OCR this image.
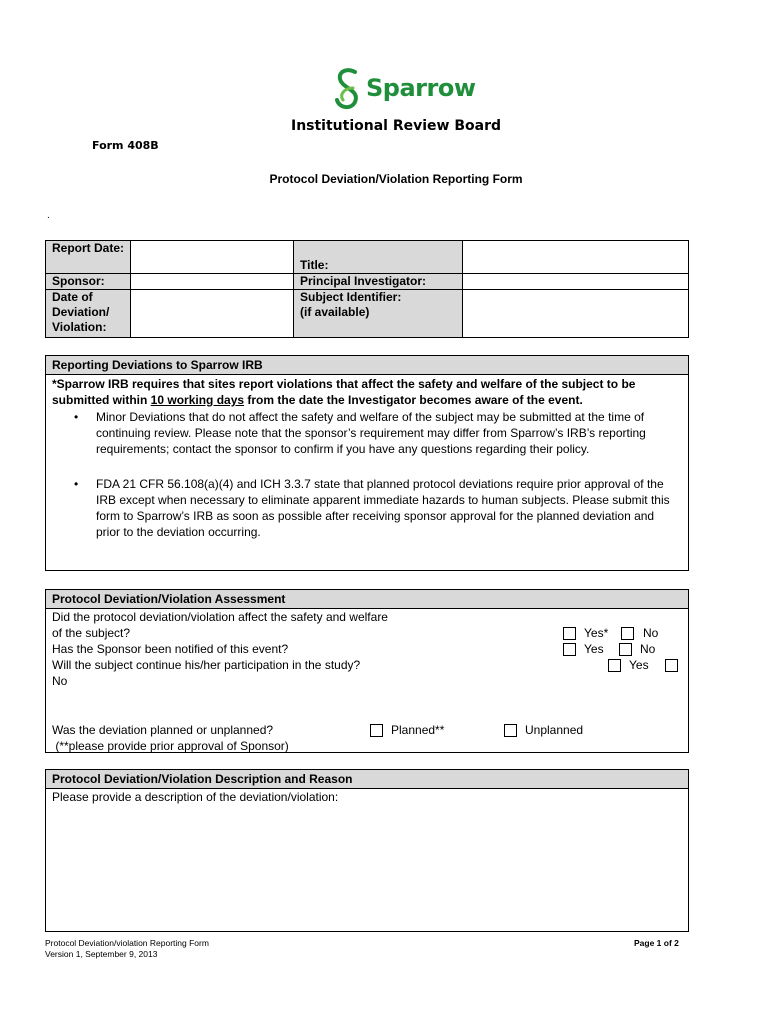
Sparrow
Institutional Review Board
Form 408B
Protocol Deviation/Violation Reporting Form
.
Report Date:		Title:	
Sponsor:		Principal Investigator:	
Date of Deviation/ Violation:		Subject Identifier:
(if available)	
Reporting Deviations to Sparrow IRB
*Sparrow IRB requires that sites report violations that affect the safety and welfare of the subject to be submitted within 10 working days from the date the Investigator becomes aware of the event.
• Minor Deviations that do not affect the safety and welfare of the subject may be submitted at the time of continuing review. Please note that the sponsor’s requirement may differ from Sparrow’s IRB’s reporting requirements; contact the sponsor to confirm if you have any questions regarding their policy.
• FDA 21 CFR 56.108(a)(4) and ICH 3.3.7 state that planned protocol deviations require prior approval of the IRB except when necessary to eliminate apparent immediate hazards to human subjects. Please submit this form to Sparrow’s IRB as soon as possible after receiving sponsor approval for the planned deviation and prior to the deviation occurring.
Protocol Deviation/Violation Assessment
Did the protocol deviation/violation affect the safety and welfare
of the subject?	Yes*	No
Has the Sponsor been notified of this event?	Yes	No
Will the subject continue his/her participation in the study?	Yes
No
Was the deviation planned or unplanned?	Planned**	Unplanned
(**please provide prior approval of Sponsor)
Protocol Deviation/Violation Description and Reason
Please provide a description of the deviation/violation:
Protocol Deviation/violation Reporting Form
Version 1, September 9, 2013
Page 1 of 2
